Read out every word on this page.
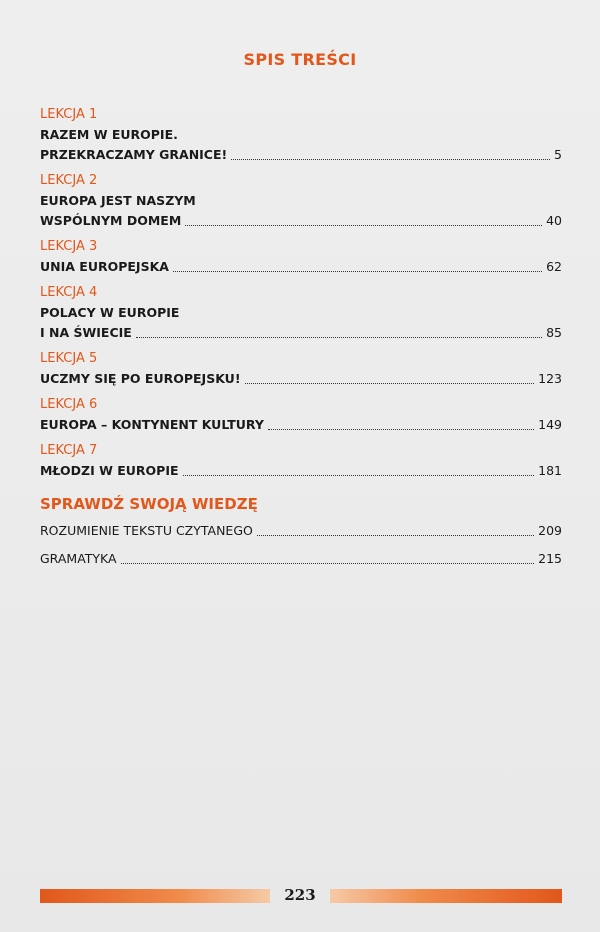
SPIS TREŚCI
LEKCJA 1
RAZEM W EUROPIE.
PRZEKRACZAMY GRANICE!	5
LEKCJA 2
EUROPA JEST NASZYM
WSPÓLNYM DOMEM	40
LEKCJA 3
UNIA EUROPEJSKA	62
LEKCJA 4
POLACY W EUROPIE
I NA ŚWIECIE	85
LEKCJA 5
UCZMY SIĘ PO EUROPEJSKU!	123
LEKCJA 6
EUROPA – KONTYNENT KULTURY	149
LEKCJA 7
MŁODZI W EUROPIE	181
SPRAWDŹ SWOJĄ WIEDZĘ
ROZUMIENIE TEKSTU CZYTANEGO	209
GRAMATYKA	215
223
